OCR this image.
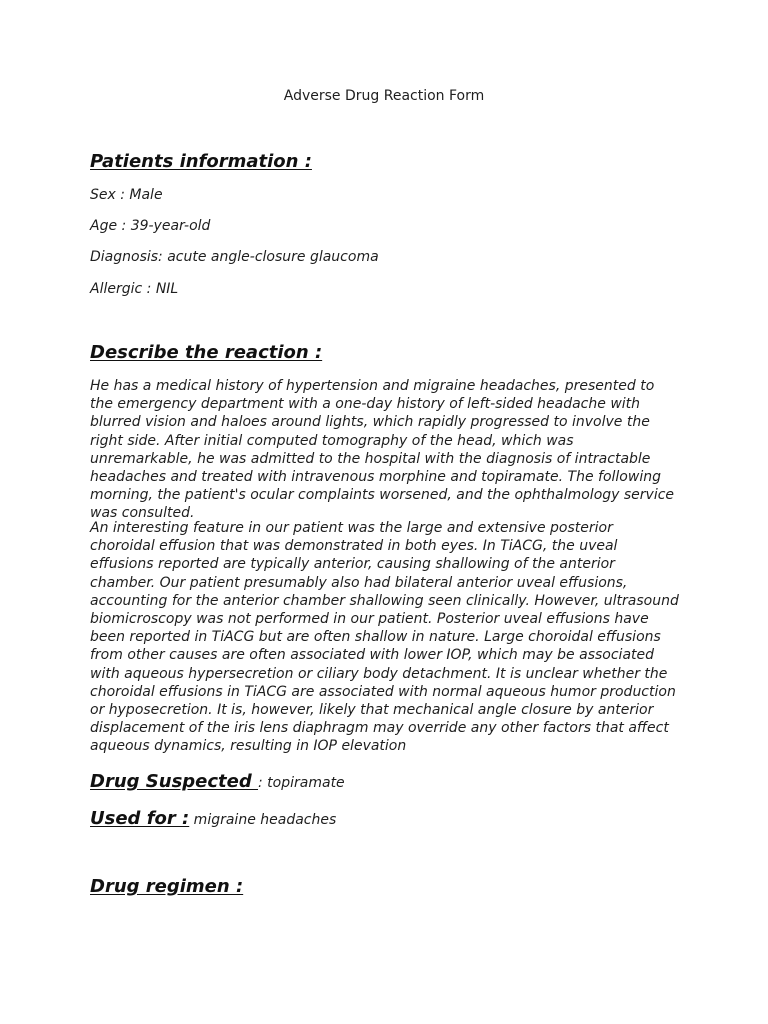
Adverse Drug Reaction Form
Patients information :
Sex : Male
Age : 39-year-old
Diagnosis: acute angle-closure glaucoma
Allergic : NIL
Describe the reaction :
He has a medical history of hypertension and migraine headaches, presented to the emergency department with a one-day history of left-sided headache with blurred vision and haloes around lights, which rapidly progressed to involve the right side. After initial computed tomography of the head, which was unremarkable, he was admitted to the hospital with the diagnosis of intractable headaches and treated with intravenous morphine and topiramate. The following morning, the patient's ocular complaints worsened, and the ophthalmology service was consulted.
An interesting feature in our patient was the large and extensive posterior choroidal effusion that was demonstrated in both eyes. In TiACG, the uveal effusions reported are typically anterior, causing shallowing of the anterior chamber. Our patient presumably also had bilateral anterior uveal effusions, accounting for the anterior chamber shallowing seen clinically. However, ultrasound biomicroscopy was not performed in our patient. Posterior uveal effusions have been reported in TiACG but are often shallow in nature. Large choroidal effusions from other causes are often associated with lower IOP, which may be associated with aqueous hypersecretion or ciliary body detachment. It is unclear whether the choroidal effusions in TiACG are associated with normal aqueous humor production or hyposecretion. It is, however, likely that mechanical angle closure by anterior displacement of the iris lens diaphragm may override any other factors that affect aqueous dynamics, resulting in IOP elevation
Drug Suspected : topiramate
Used for : migraine headaches
Drug regimen :
